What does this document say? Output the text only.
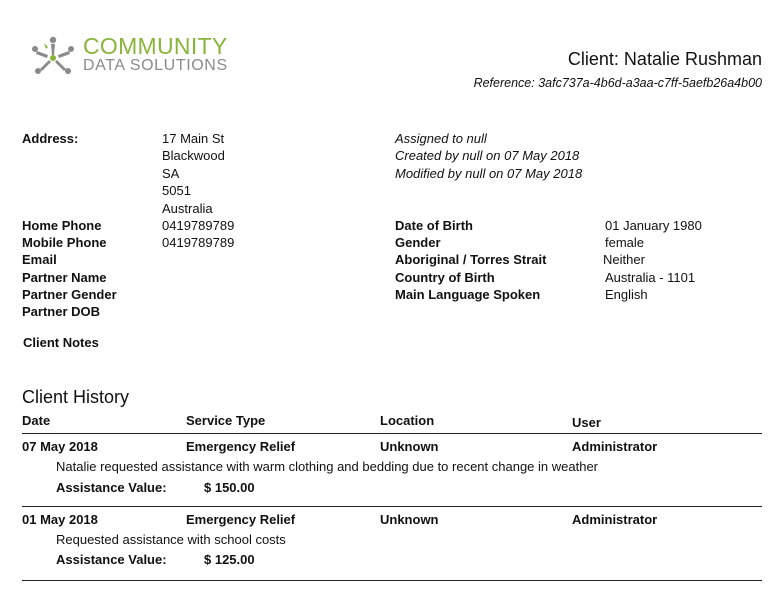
COMMUNITY
DATA SOLUTIONS	Client: Natalie Rushman
Reference: 3afc737a-4b6d-a3aa-c7ff-5aefb26a4b00
Address:	17 Main St
Blackwood
SA
5051
Australia
Assigned to null
Created by null on 07 May 2018
Modified by null on 07 May 2018
Home Phone	0419789789
Mobile Phone	0419789789
Email
Partner Name
Partner Gender
Partner DOB
Date of Birth	01 January 1980
Gender	female
Aboriginal / Torres Strait	Neither
Country of Birth	Australia - 1101
Main Language Spoken	English
Client Notes
Client History
Date	Service Type	Location	User
07 May 2018	Emergency Relief	Unknown	Administrator
Natalie requested assistance with warm clothing and bedding due to recent change in weather
Assistance Value:	$ 150.00
01 May 2018	Emergency Relief	Unknown	Administrator
Requested assistance with school costs
Assistance Value:	$ 125.00
